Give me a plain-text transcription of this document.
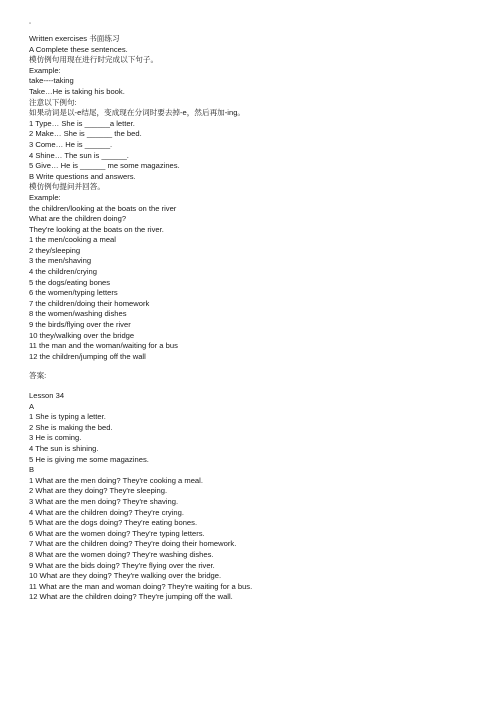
▫
Written exercises 书面练习
A Complete these sentences.
模仿例句用现在进行时完成以下句子。
Example:
take----taking
Take…He is taking his book.
注意以下例句:
如果动词是以-e结尾，变成现在分词时要去掉-e，然后再加-ing。
1 Type… She is ______a letter.
2 Make… She is ______ the bed.
3 Come… He is ______.
4 Shine… The sun is ______.
5 Give… He is ______ me some magazines.
B Write questions and answers.
模仿例句提问并回答。
Example:
the children/looking at the boats on the river
What are the children doing?
They're looking at the boats on the river.
1 the men/cooking a meal
2 they/sleeping
3 the men/shaving
4 the children/crying
5 the dogs/eating bones
6 the women/typing letters
7 the children/doing their homework
8 the women/washing dishes
9 the birds/flying over the river
10 they/walking over the bridge
11 the man and the woman/waiting for a bus
12 the children/jumping off the wall
答案:
Lesson 34
A
1 She is typing a letter.
2 She is making the bed.
3 He is coming.
4 The sun is shining.
5 He is giving me some magazines.
B
1 What are the men doing? They're cooking a meal.
2 What are they doing? They're sleeping.
3 What are the men doing? They're shaving.
4 What are the children doing? They're crying.
5 What are the dogs doing? They're eating bones.
6 What are the women doing? They're typing letters.
7 What are the children doing? They're doing their homework.
8 What are the women doing? They're washing dishes.
9 What are the bids doing? They're flying over the river.
10 What are they doing? They're walking over the bridge.
11 What are the man and woman doing? They're waiting for a bus.
12 What are the children doing? They're jumping off the wall.
